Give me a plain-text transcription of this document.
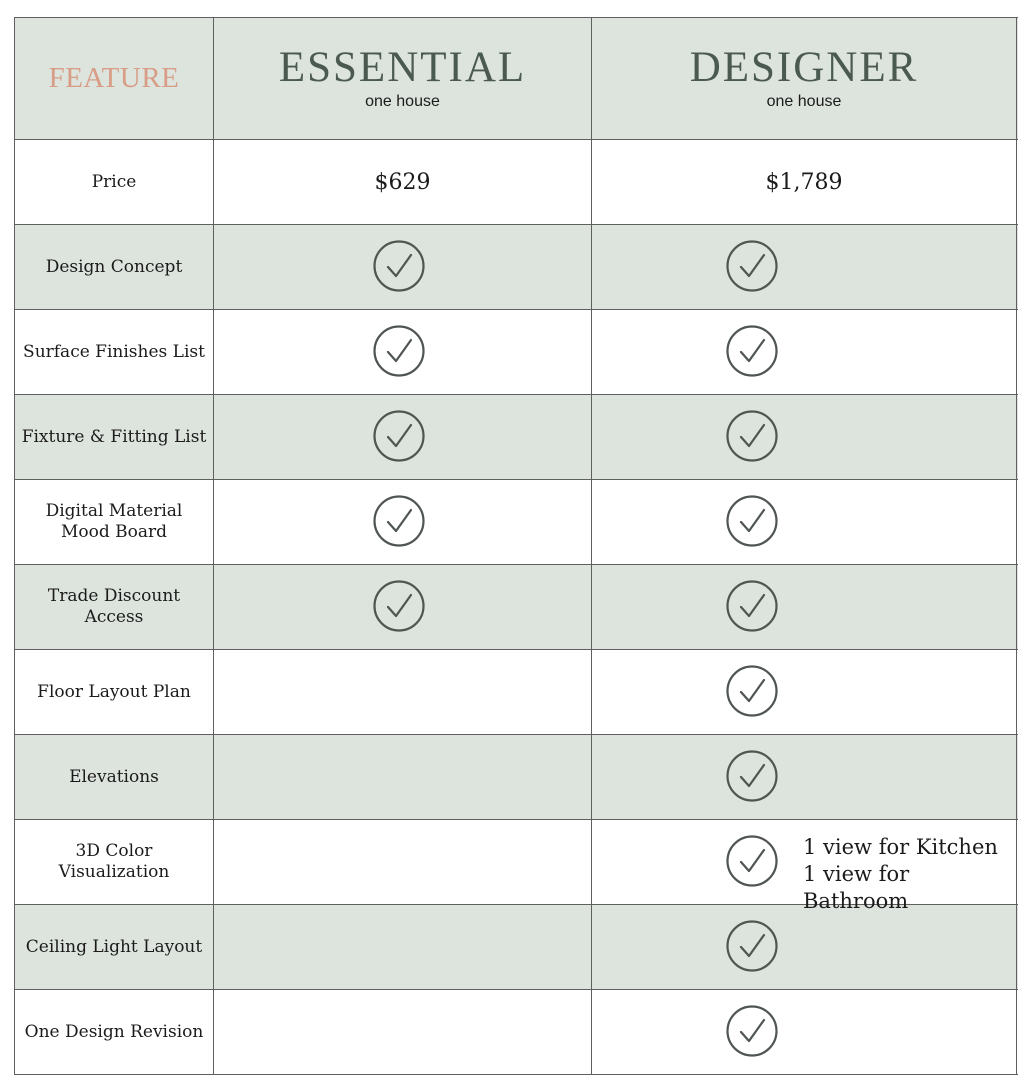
FEATURE ESSENTIAL
one house
DESIGNER
one house
Price	$629	$1,789
Design Concept
Surface Finishes List
Fixture & Fitting List
Digital Material
Mood Board
Trade Discount Access
Floor Layout Plan
Elevations
3D Color Visualization
1 view for Kitchen
1 view for Bathroom
Ceiling Light Layout
One Design Revision
